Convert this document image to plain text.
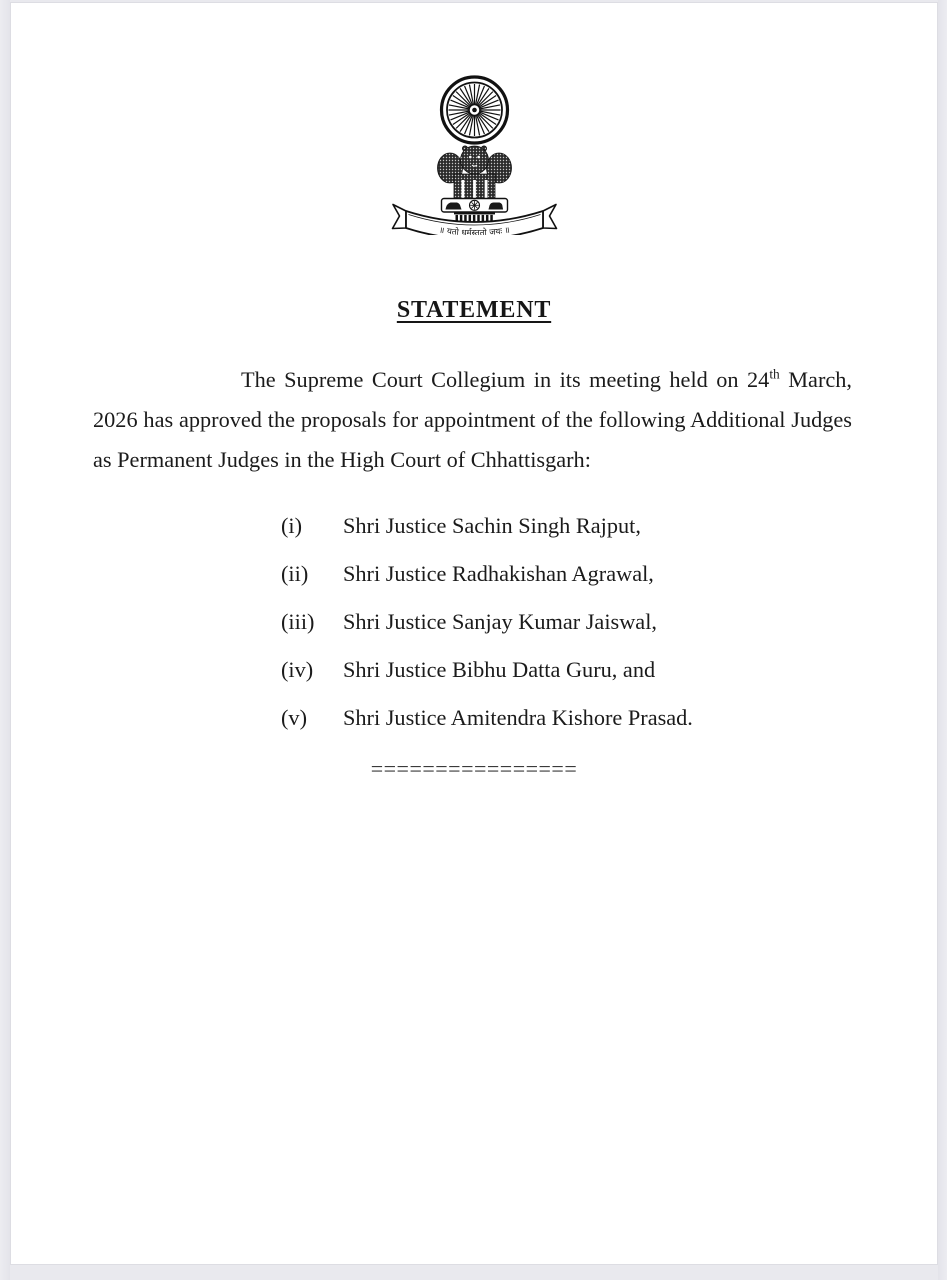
॥ यतो धर्मस्ततो जयः ॥
STATEMENT

The Supreme Court Collegium in its meeting held on 24th March, 2026 has approved the proposals for appointment of the following Additional Judges as Permanent Judges in the High Court of Chhattisgarh:

(i)	Shri Justice Sachin Singh Rajput,
(ii)	Shri Justice Radhakishan Agrawal,
(iii)	Shri Justice Sanjay Kumar Jaiswal,
(iv)	Shri Justice Bibhu Datta Guru, and
(v)	Shri Justice Amitendra Kishore Prasad.
================
